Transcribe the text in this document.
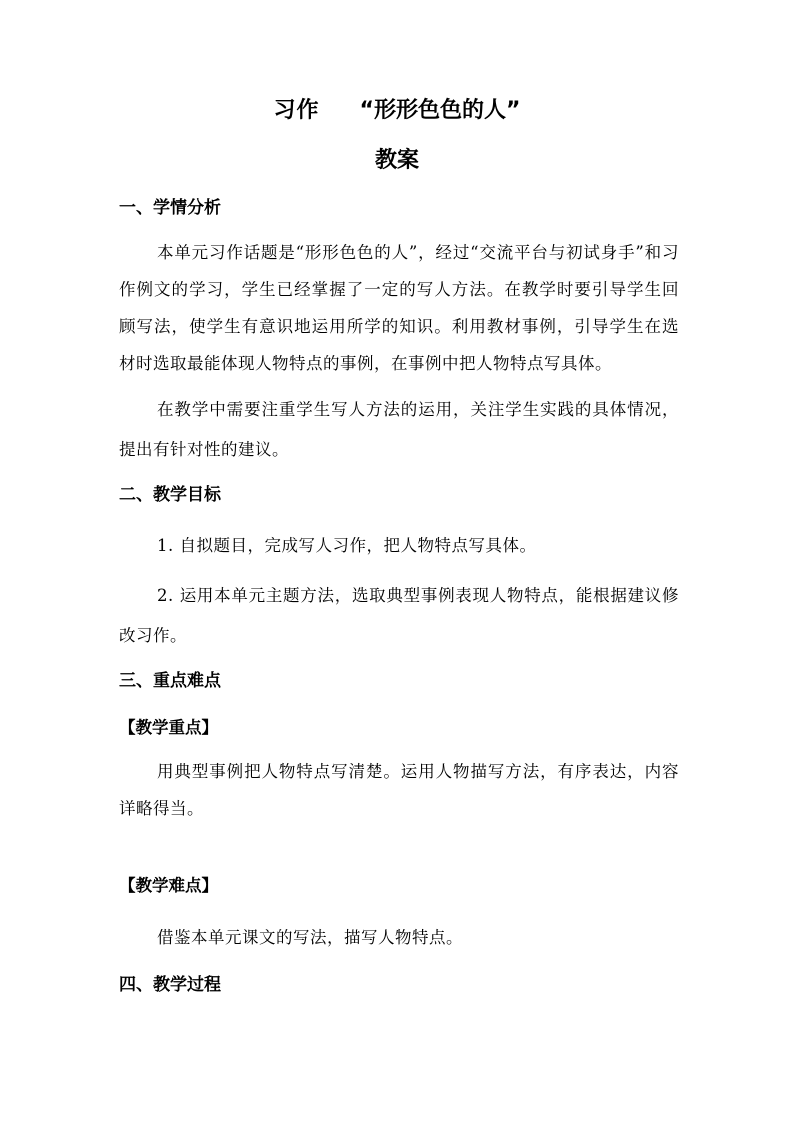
习作 “形形色色的人”
教案
一、学情分析
本单元习作话题是“形形色色的人”，经过“交流平台与初试身手”和习作例文的学习，学生已经掌握了一定的写人方法。在教学时要引导学生回顾写法，使学生有意识地运用所学的知识。利用教材事例，引导学生在选材时选取最能体现人物特点的事例，在事例中把人物特点写具体。
在教学中需要注重学生写人方法的运用，关注学生实践的具体情况，提出有针对性的建议。
二、教学目标
1. 自拟题目，完成写人习作，把人物特点写具体。
2. 运用本单元主题方法，选取典型事例表现人物特点，能根据建议修改习作。
三、重点难点
【教学重点】
用典型事例把人物特点写清楚。运用人物描写方法，有序表达，内容详略得当。
【教学难点】
借鉴本单元课文的写法，描写人物特点。
四、教学过程
